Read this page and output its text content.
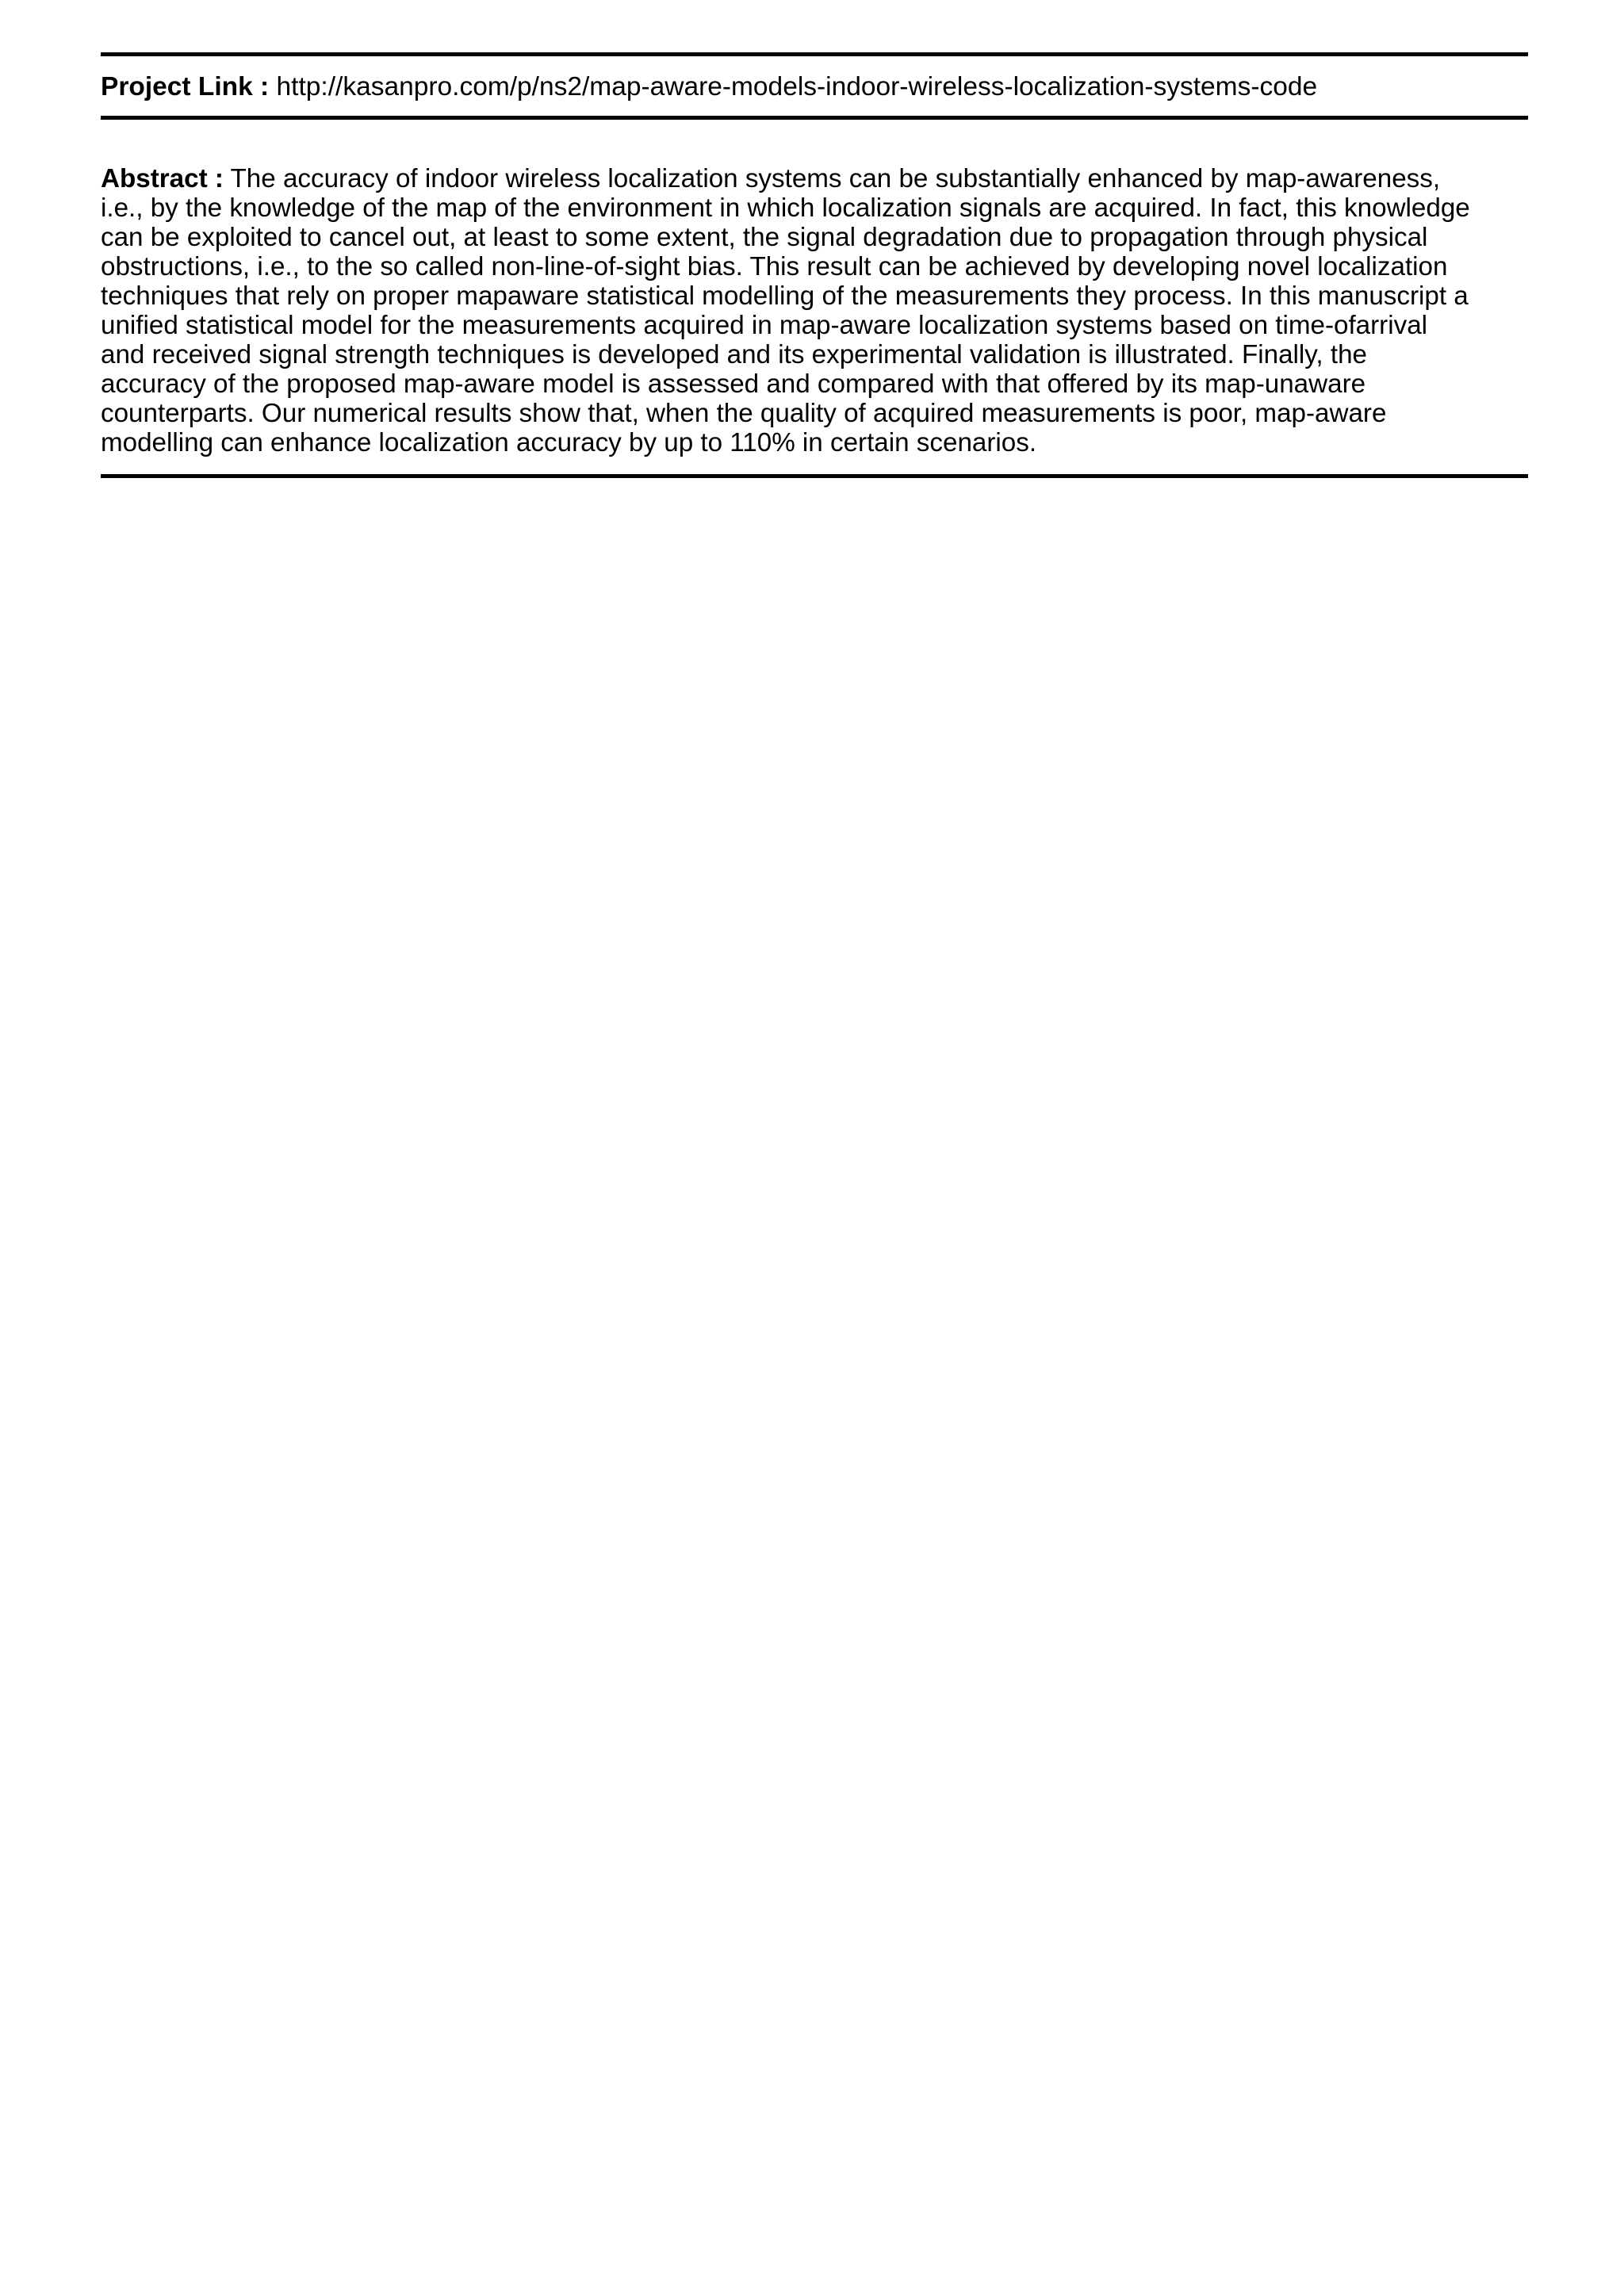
Project Link : http://kasanpro.com/p/ns2/map-aware-models-indoor-wireless-localization-systems-code
Abstract : The accuracy of indoor wireless localization systems can be substantially enhanced by map-awareness,
i.e., by the knowledge of the map of the environment in which localization signals are acquired. In fact, this knowledge
can be exploited to cancel out, at least to some extent, the signal degradation due to propagation through physical
obstructions, i.e., to the so called non-line-of-sight bias. This result can be achieved by developing novel localization
techniques that rely on proper mapaware statistical modelling of the measurements they process. In this manuscript a
unified statistical model for the measurements acquired in map-aware localization systems based on time-ofarrival
and received signal strength techniques is developed and its experimental validation is illustrated. Finally, the
accuracy of the proposed map-aware model is assessed and compared with that offered by its map-unaware
counterparts. Our numerical results show that, when the quality of acquired measurements is poor, map-aware
modelling can enhance localization accuracy by up to 110% in certain scenarios.
